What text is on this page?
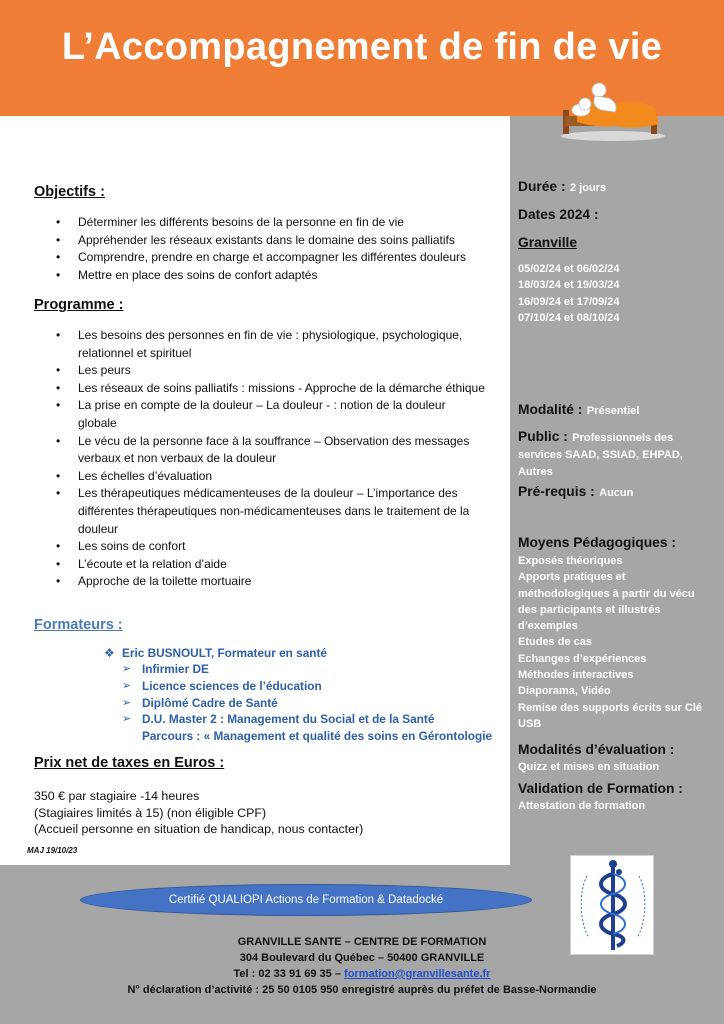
L’Accompagnement de fin de vie
Objectifs :
• Déterminer les différents besoins de la personne en fin de vie
• Appréhender les réseaux existants dans le domaine des soins palliatifs
• Comprendre, prendre en charge et accompagner les différentes douleurs
• Mettre en place des soins de confort adaptés
Programme :
• Les besoins des personnes en fin de vie : physiologique, psychologique, relationnel et spirituel
• Les peurs
• Les réseaux de soins palliatifs : missions - Approche de la démarche éthique
• La prise en compte de la douleur – La douleur - : notion de la douleur globale
• Le vécu de la personne face à la souffrance – Observation des messages verbaux et non verbaux de la douleur
• Les échelles d’évaluation
• Les thérapeutiques médicamenteuses de la douleur – L’importance des différentes thérapeutiques non-médicamenteuses dans le traitement de la douleur
• Les soins de confort
• L’écoute et la relation d’aide
• Approche de la toilette mortuaire
Formateurs :
❖ Eric BUSNOULT, Formateur en santé
➢ Infirmier DE
➢ Licence sciences de l’éducation
➢ Diplômé Cadre de Santé
➢ D.U. Master 2 : Management du Social et de la Santé
Parcours : « Management et qualité des soins en Gérontologie
Prix net de taxes en Euros :
350 € par stagiaire -14 heures
(Stagiaires limités à 15) (non éligible CPF)
(Accueil personne en situation de handicap, nous contacter)
MAJ 19/10/23
Durée : 2 jours
Dates 2024 :
Granville
05/02/24 et 06/02/24
18/03/24 et 19/03/24
16/09/24 et 17/09/24
07/10/24 et 08/10/24
Modalité : Présentiel
Public : Professionnels des services SAAD, SSIAD, EHPAD, Autres
Pré-requis : Aucun
Moyens Pédagogiques :
Exposés théoriques
Apports pratiques et méthodologiques à partir du vécu des participants et illustrés d’exemples
Etudes de cas
Echanges d’expériences
Méthodes interactives
Diaporama, Vidéo
Remise des supports écrits sur Clé USB
Modalités d’évaluation :
Quizz et mises en situation
Validation de Formation :
Attestation de formation
Certifié QUALIOPI Actions de Formation & Datadocké
GRANVILLE SANTE – CENTRE DE FORMATION
304 Boulevard du Québec – 50400 GRANVILLE
Tel : 02 33 91 69 35 – formation@granvillesante.fr
N° déclaration d’activité : 25 50 0105 950 enregistré auprès du préfet de Basse-Normandie
